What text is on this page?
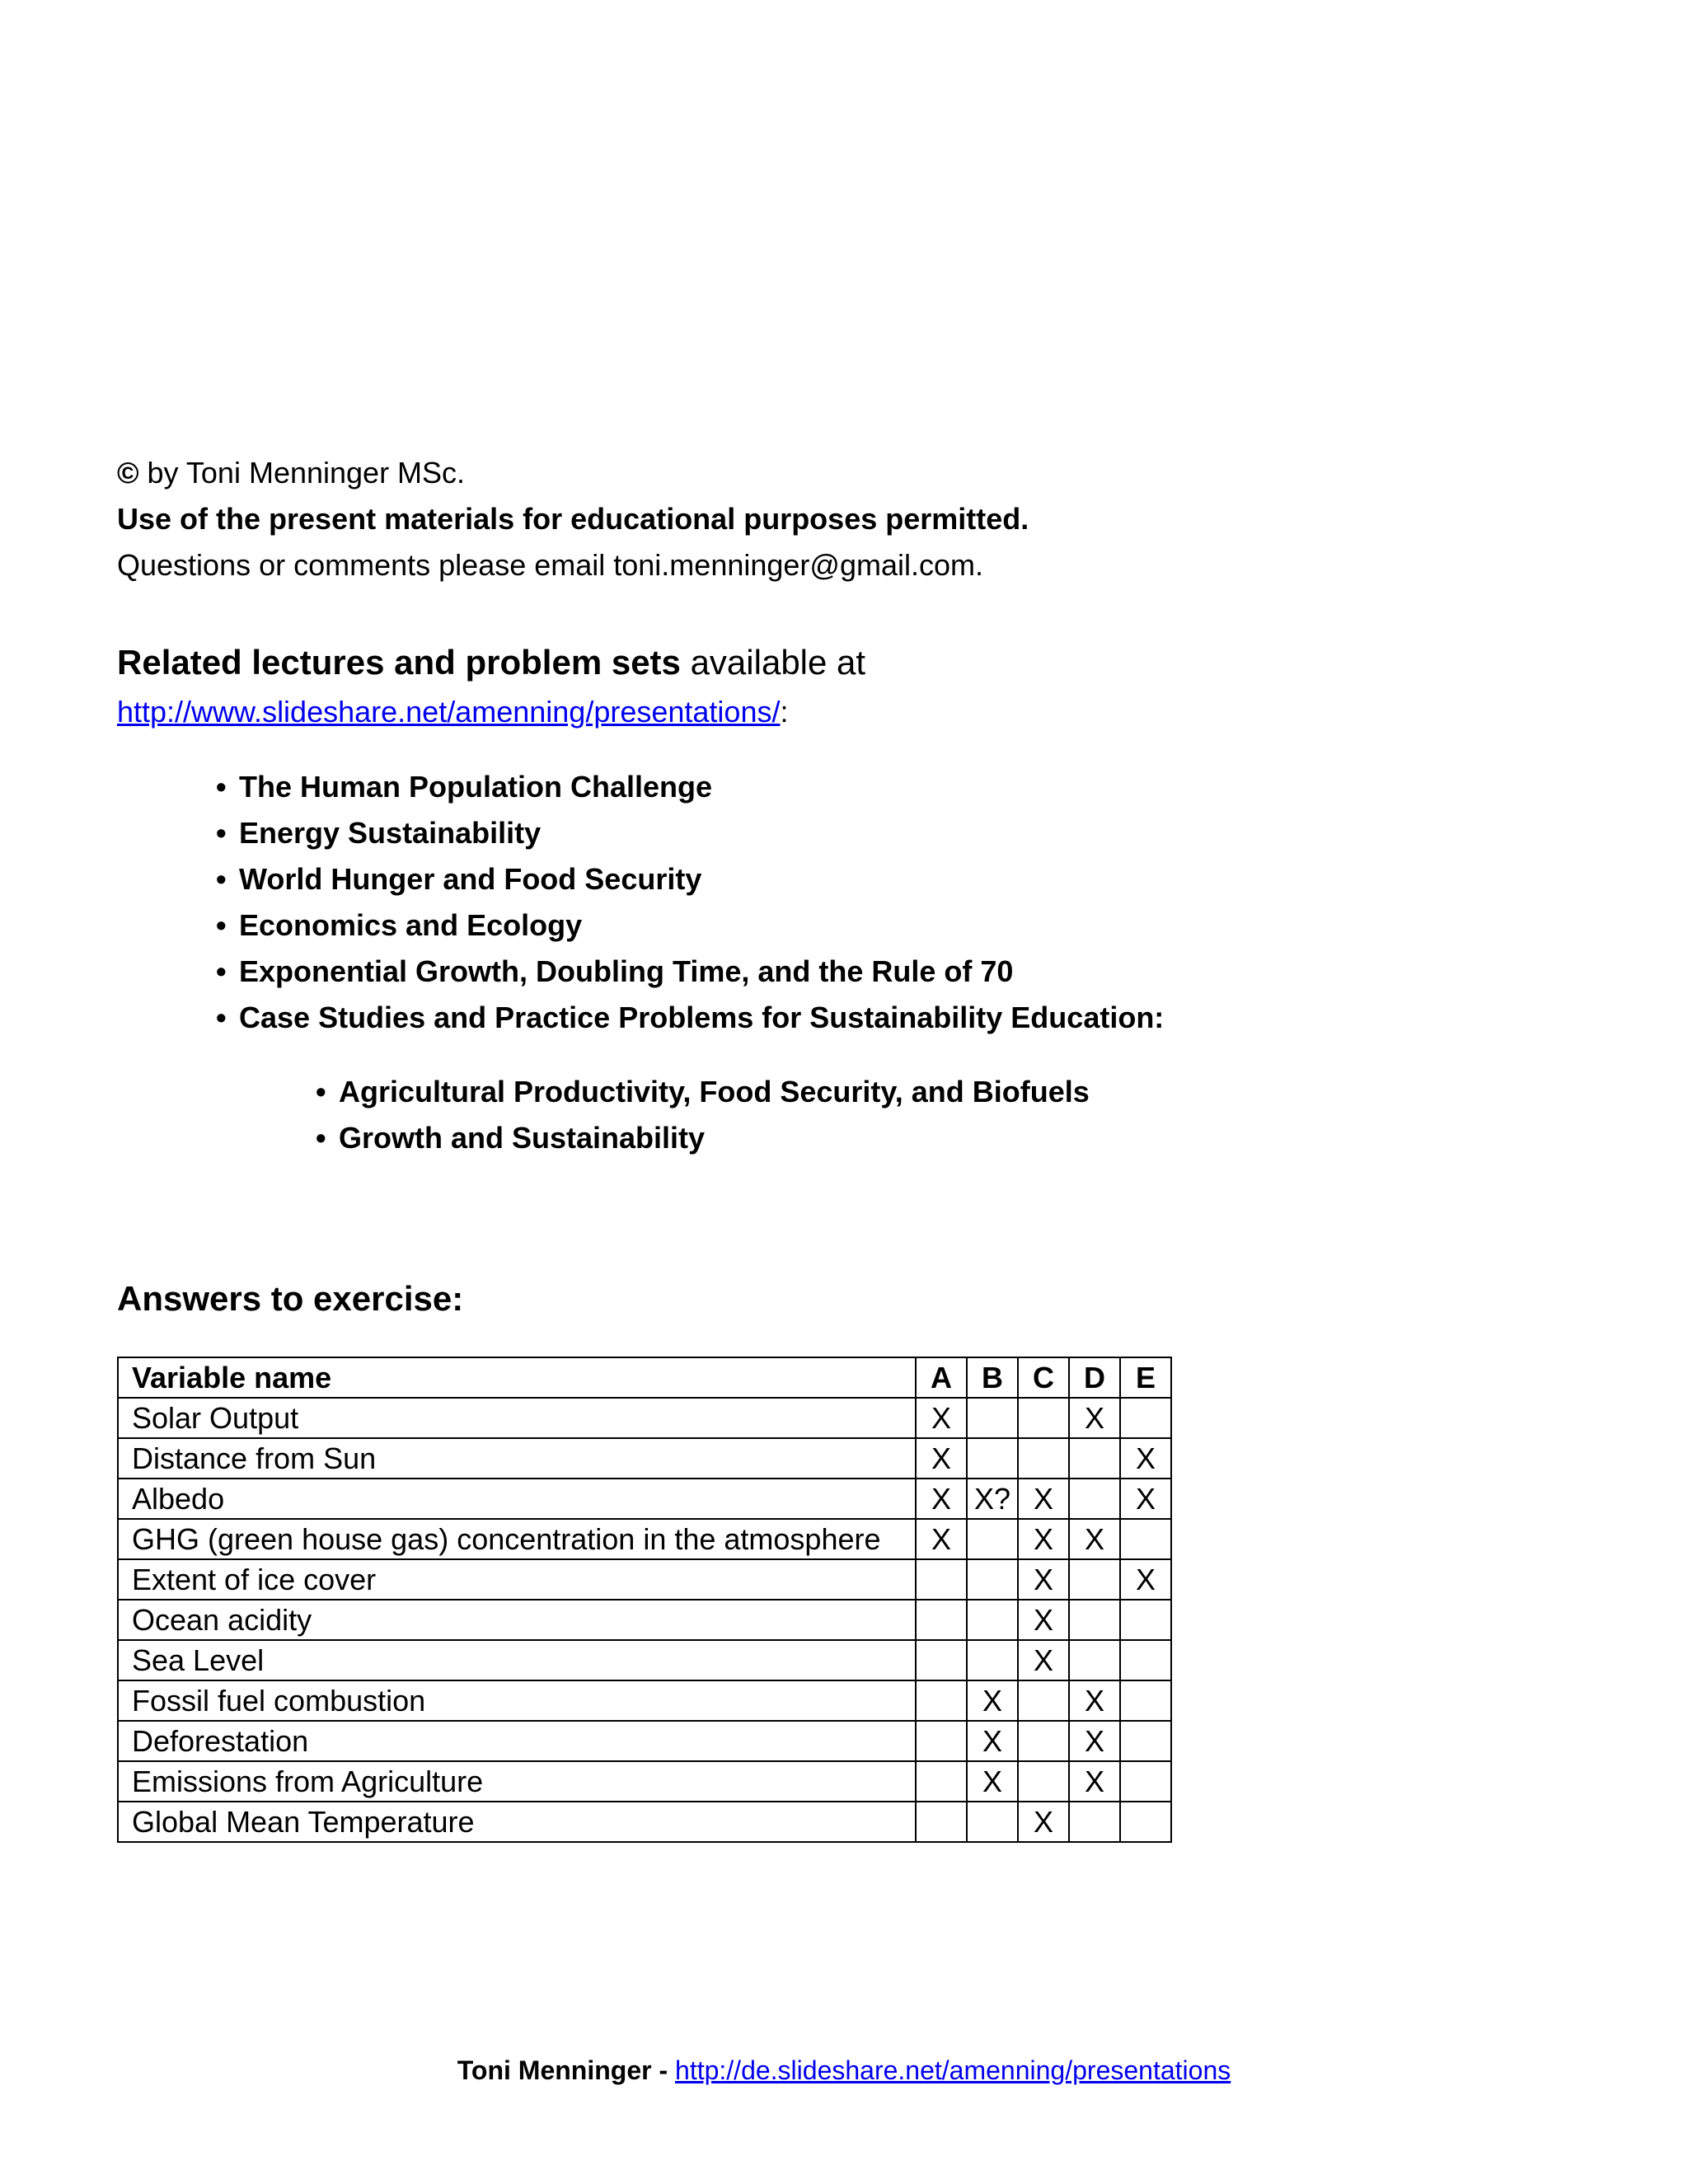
© by Toni Menninger MSc.
Use of the present materials for educational purposes permitted.
Questions or comments please email toni.menninger@gmail.com.
Related lectures and problem sets available at
http://www.slideshare.net/amenning/presentations/:
• The Human Population Challenge
• Energy Sustainability
• World Hunger and Food Security
• Economics and Ecology
• Exponential Growth, Doubling Time, and the Rule of 70
• Case Studies and Practice Problems for Sustainability Education:
• Agricultural Productivity, Food Security, and Biofuels
• Growth and Sustainability
Answers to exercise:
Variable name	A	B	C	D	E
Solar Output	X			X	
Distance from Sun	X				X
Albedo	X	X?	X		X
GHG (green house gas) concentration in the atmosphere	X		X	X	
Extent of ice cover			X		X
Ocean acidity			X		
Sea Level			X		
Fossil fuel combustion		X		X	
Deforestation		X		X	
Emissions from Agriculture		X		X	
Global Mean Temperature			X		
Toni Menninger - http://de.slideshare.net/amenning/presentations
